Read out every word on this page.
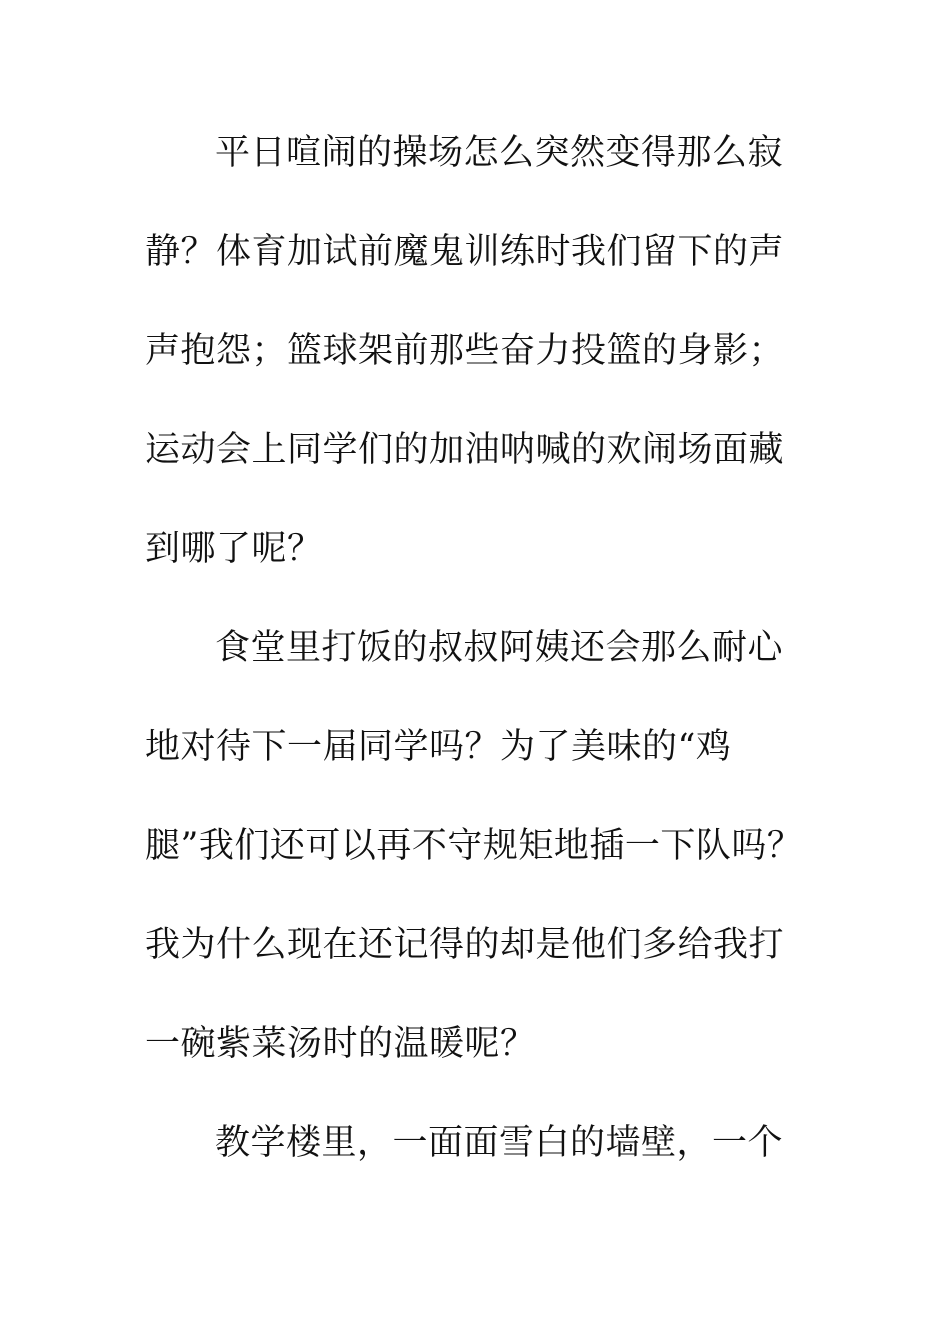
平日喧闹的操场怎么突然变得那么寂
静？体育加试前魔鬼训练时我们留下的声
声抱怨；篮球架前那些奋力投篮的身影；
运动会上同学们的加油呐喊的欢闹场面藏
到哪了呢？
食堂里打饭的叔叔阿姨还会那么耐心
地对待下一届同学吗？为了美味的“鸡
腿”我们还可以再不守规矩地插一下队吗？
我为什么现在还记得的却是他们多给我打
一碗紫菜汤时的温暖呢？
教学楼里，一面面雪白的墙壁，一个
